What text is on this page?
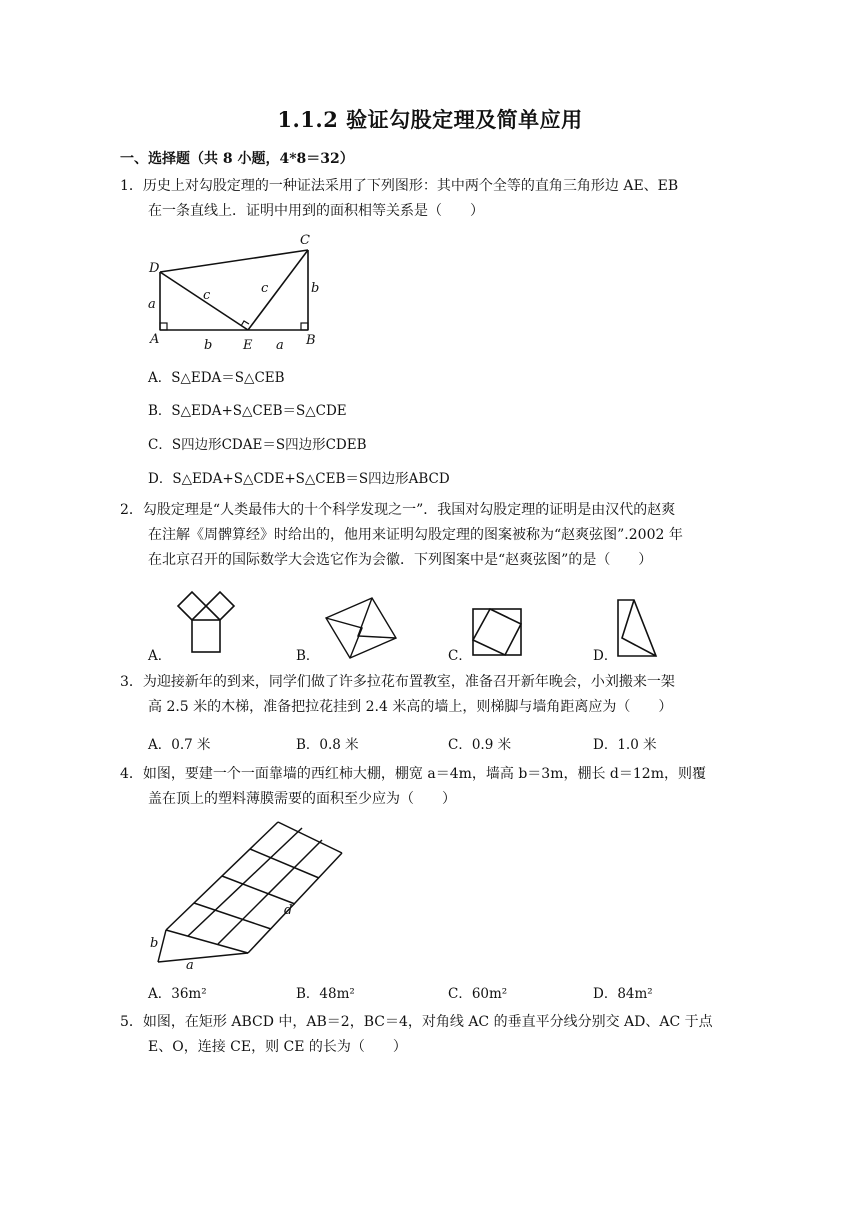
1.1.2 验证勾股定理及简单应用
一、选择题（共 8 小题，4*8＝32）
1．历史上对勾股定理的一种证法采用了下列图形：其中两个全等的直角三角形边 AE、EB
在一条直线上．证明中用到的面积相等关系是（　　）
D
C
a
c	c	b
A	b E a B
A．S△EDA＝S△CEB
B．S△EDA+S△CEB＝S△CDE
C．S四边形CDAE＝S四边形CDEB
D．S△EDA+S△CDE+S△CEB＝S四边形ABCD
2．勾股定理是“人类最伟大的十个科学发现之一”．我国对勾股定理的证明是由汉代的赵爽
在注解《周髀算经》时给出的，他用来证明勾股定理的图案被称为“赵爽弦图”.2002 年
在北京召开的国际数学大会选它作为会徽．下列图案中是“赵爽弦图”的是（　　）
A．	B．	C．	D．
3．为迎接新年的到来，同学们做了许多拉花布置教室，准备召开新年晚会，小刘搬来一架
高 2.5 米的木梯，准备把拉花挂到 2.4 米高的墙上，则梯脚与墙角距离应为（　　）
A．0.7 米	B．0.8 米	C．0.9 米	D．1.0 米
4．如图，要建一个一面靠墙的西红柿大棚，棚宽 a＝4m，墙高 b＝3m，棚长 d＝12m，则覆
盖在顶上的塑料薄膜需要的面积至少应为（　　）
b
a
d
A．36m²	B．48m²	C．60m²	D．84m²
5．如图，在矩形 ABCD 中，AB＝2，BC＝4，对角线 AC 的垂直平分线分别交 AD、AC 于点
E、O，连接 CE，则 CE 的长为（　　）
